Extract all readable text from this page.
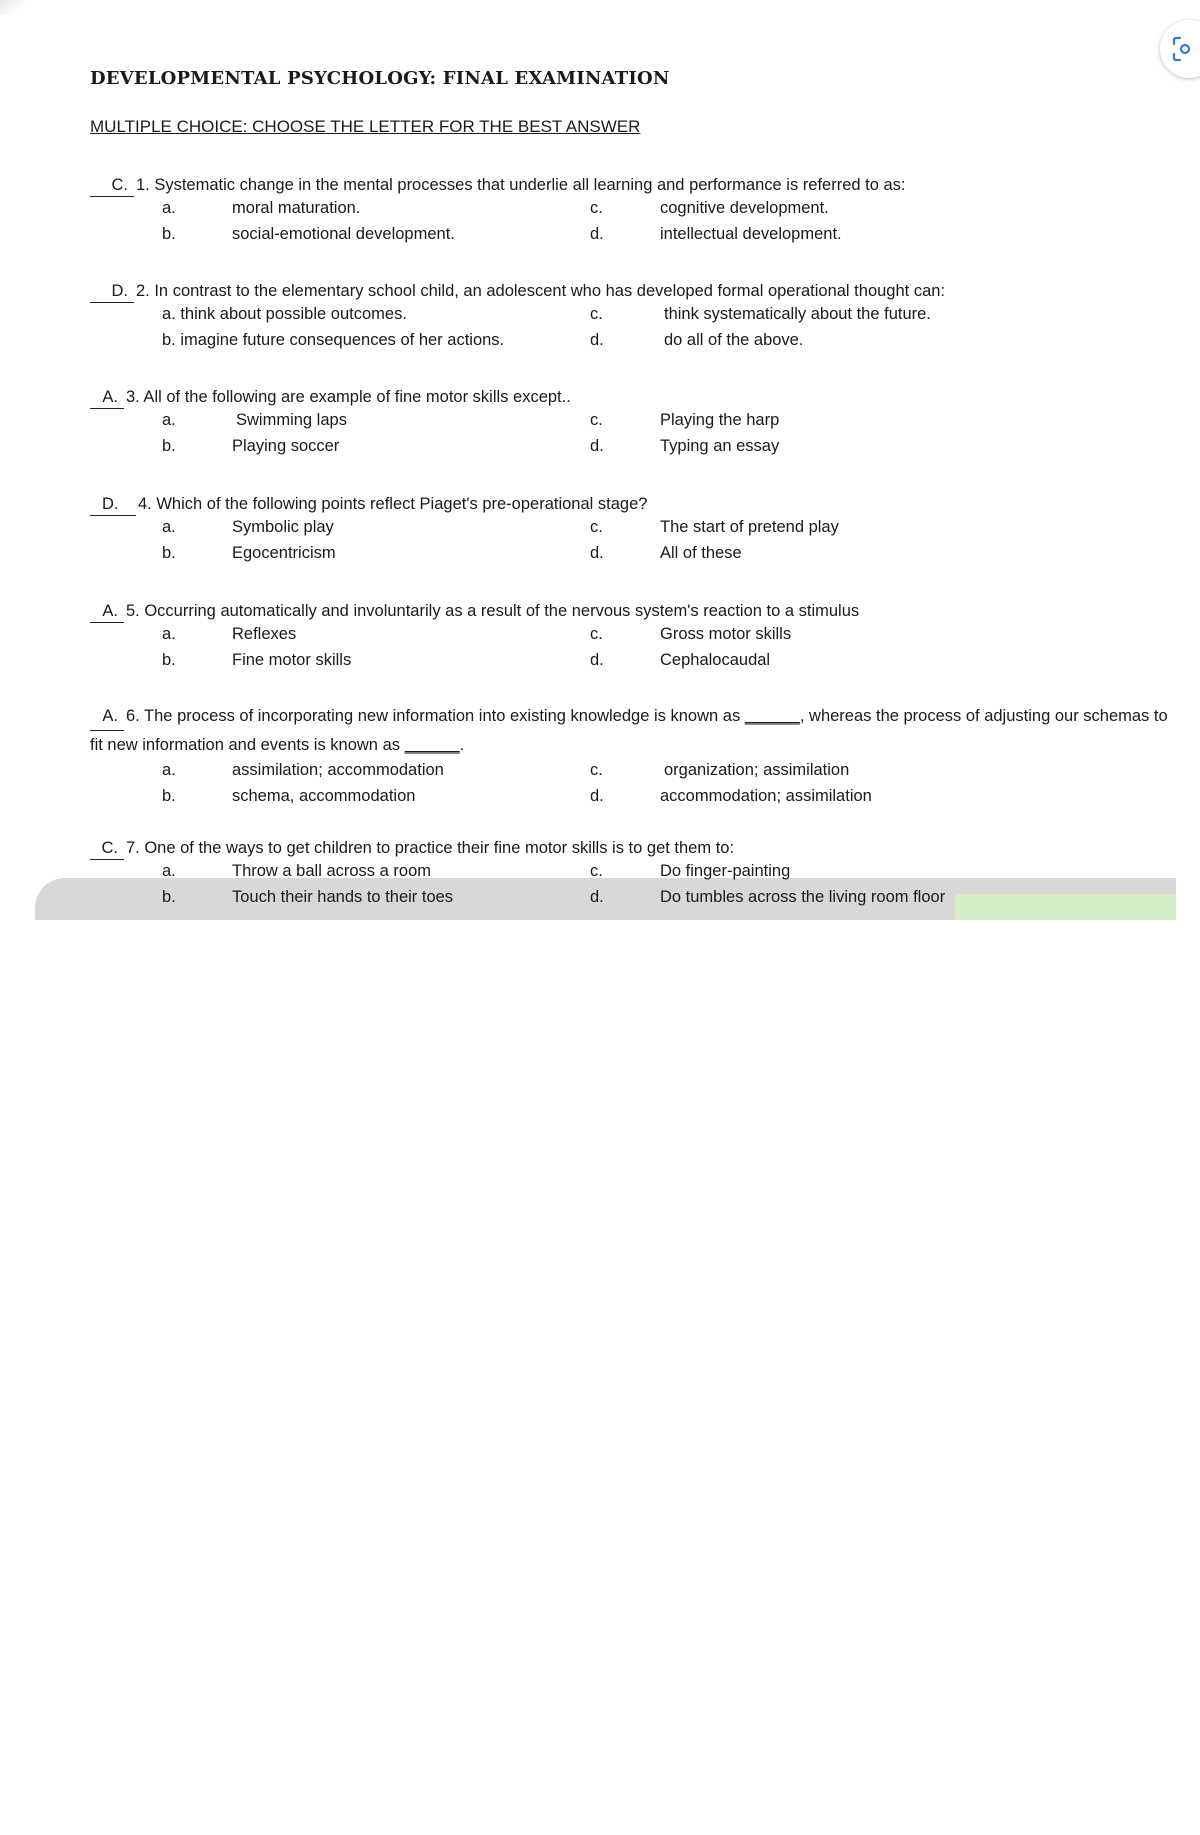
DEVELOPMENTAL PSYCHOLOGY: FINAL EXAMINATION
MULTIPLE CHOICE: CHOOSE THE LETTER FOR THE BEST ANSWER
C. 1. Systematic change in the mental processes that underlie all learning and performance is referred to as:
a.	moral maturation.
b.	social-emotional development.
c.	cognitive development.
d.	intellectual development.
D. 2. In contrast to the elementary school child, an adolescent who has developed formal operational thought can:
a. think about possible outcomes.
b. imagine future consequences of her actions.
c.	think systematically about the future.
d.	do all of the above.
A. 3. All of the following are example of fine motor skills except..
a.	Swimming laps
b.	Playing soccer
c.	Playing the harp
d.	Typing an essay
D. 4. Which of the following points reflect Piaget's pre-operational stage?
a.	Symbolic play
b.	Egocentricism
c.	The start of pretend play
d.	All of these
A. 5. Occurring automatically and involuntarily as a result of the nervous system's reaction to a stimulus
a.	Reflexes
b.	Fine motor skills
c.	Gross motor skills
d.	Cephalocaudal
A. 6. The process of incorporating new information into existing knowledge is known as ______, whereas the process of adjusting our schemas to fit new information and events is known as ______.
a.	assimilation; accommodation
b.	schema, accommodation
c.	organization; assimilation
d.	accommodation; assimilation
C. 7. One of the ways to get children to practice their fine motor skills is to get them to:
a.	Throw a ball across a room
b.	Touch their hands to their toes
c.	Do finger-painting
d.	Do tumbles across the living room floor
